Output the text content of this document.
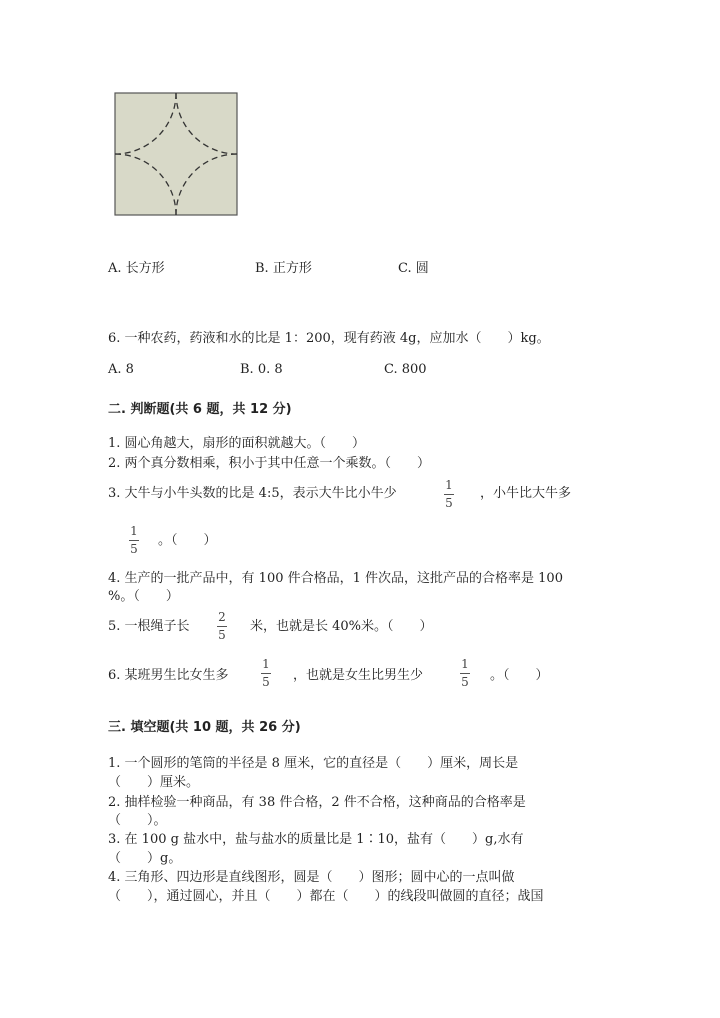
A. 长方形	B. 正方形	C. 圆
6. 一种农药，药液和水的比是 1：200，现有药液 4g，应加水（　　）kg。
A. 8	B. 0. 8	C. 800
二. 判断题(共 6 题，共 12 分)
1. 圆心角越大，扇形的面积就越大。（　　）
2. 两个真分数相乘，积小于其中任意一个乘数。（　　）
3. 大牛与小牛头数的比是 4:5，表示大牛比小牛少
1
5
，小牛比大牛多
1
5
。（　　）
4. 生产的一批产品中，有 100 件合格品，1 件次品，这批产品的合格率是 100
%。（　　）
5. 一根绳子长
2
5
米，也就是长 40%米。（　　）
6. 某班男生比女生多
1
5 ，也就是女生比男生少
1
5 。（　　）
三. 填空题(共 10 题，共 26 分)
1. 一个圆形的笔筒的半径是 8 厘米，它的直径是（　　）厘米，周长是
（　　）厘米。
2. 抽样检验一种商品，有 38 件合格，2 件不合格，这种商品的合格率是
（　　）。
3. 在 100 g 盐水中，盐与盐水的质量比是 1∶10，盐有（　　）g,水有
（　　）g。
4. 三角形、四边形是直线图形，圆是（　　）图形；圆中心的一点叫做
（　　），通过圆心，并且（　　）都在（　　）的线段叫做圆的直径；战国
